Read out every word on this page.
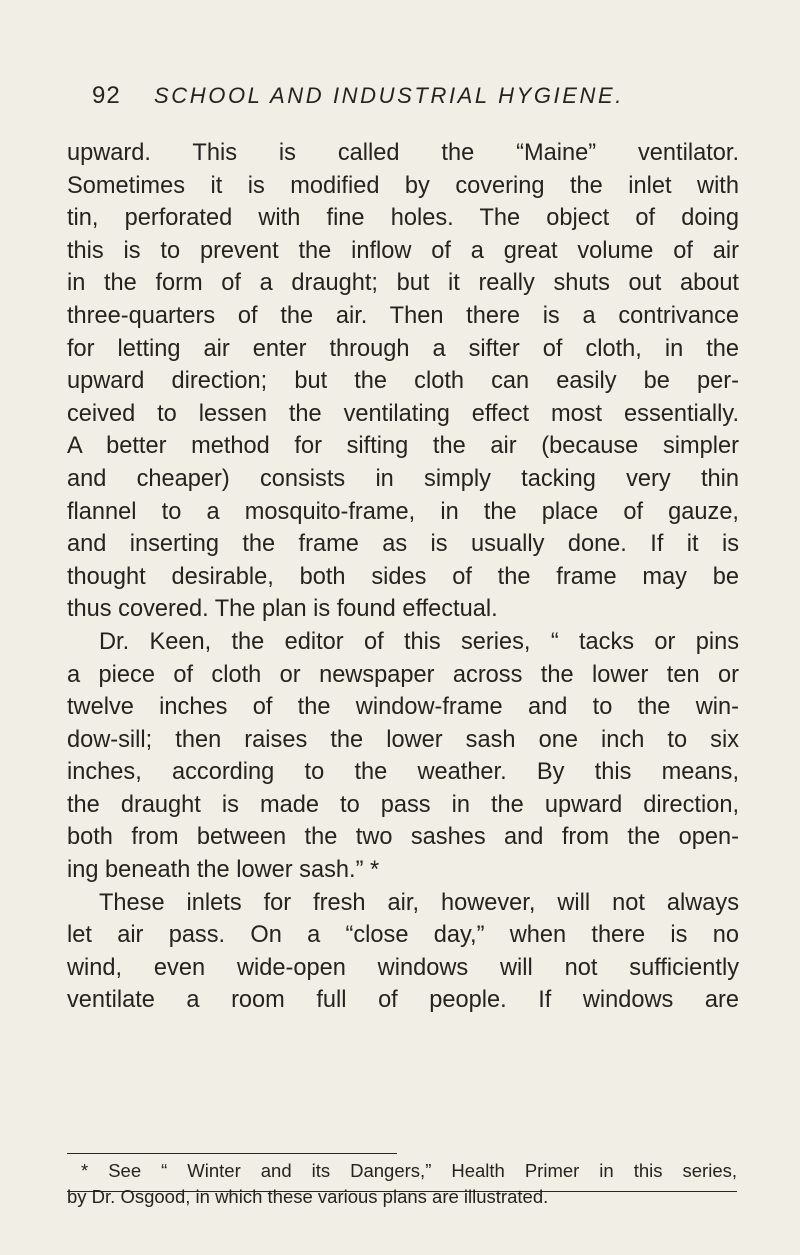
92 SCHOOL AND INDUSTRIAL HYGIENE.
upward. This is called the “Maine” ventilator.
Sometimes it is modified by covering the inlet with
tin, perforated with fine holes. The object of doing
this is to prevent the inflow of a great volume of air
in the form of a draught; but it really shuts out about
three-quarters of the air. Then there is a contrivance
for letting air enter through a sifter of cloth, in the
upward direction; but the cloth can easily be per-
ceived to lessen the ventilating effect most essentially.
A better method for sifting the air (because simpler
and cheaper) consists in simply tacking very thin
flannel to a mosquito-frame, in the place of gauze,
and inserting the frame as is usually done. If it is
thought desirable, both sides of the frame may be
thus covered. The plan is found effectual.
Dr. Keen, the editor of this series, “ tacks or pins
a piece of cloth or newspaper across the lower ten or
twelve inches of the window-frame and to the win-
dow-sill; then raises the lower sash one inch to six
inches, according to the weather. By this means,
the draught is made to pass in the upward direction,
both from between the two sashes and from the open-
ing beneath the lower sash.” *
These inlets for fresh air, however, will not always
let air pass. On a “close day,” when there is no
wind, even wide-open windows will not sufficiently
ventilate a room full of people. If windows are
* See “ Winter and its Dangers,” Health Primer in this series,
by Dr. Osgood, in which these various plans are illustrated.
